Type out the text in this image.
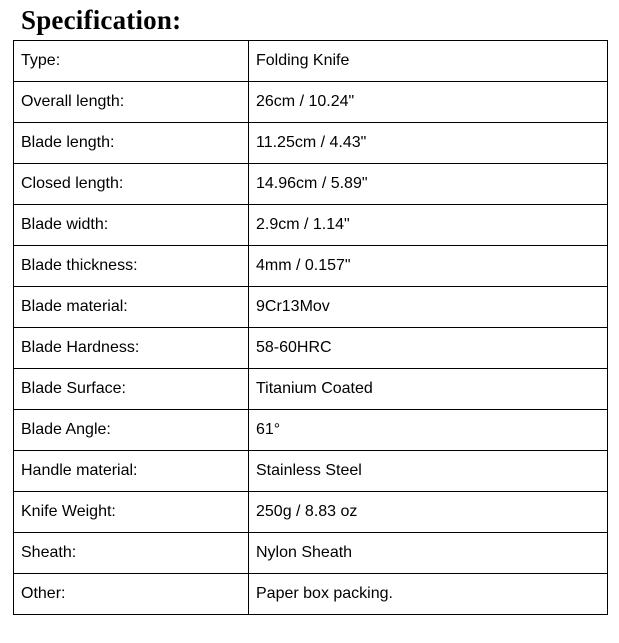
Specification:
Type:	Folding Knife
Overall length:	26cm / 10.24"
Blade length:	11.25cm / 4.43"
Closed length:	14.96cm / 5.89"
Blade width:	2.9cm / 1.14"
Blade thickness:	4mm / 0.157"
Blade material:	9Cr13Mov
Blade Hardness:	58-60HRC
Blade Surface:	Titanium Coated
Blade Angle:	61°
Handle material:	Stainless Steel
Knife Weight:	250g / 8.83 oz
Sheath:	Nylon Sheath
Other:	Paper box packing.
